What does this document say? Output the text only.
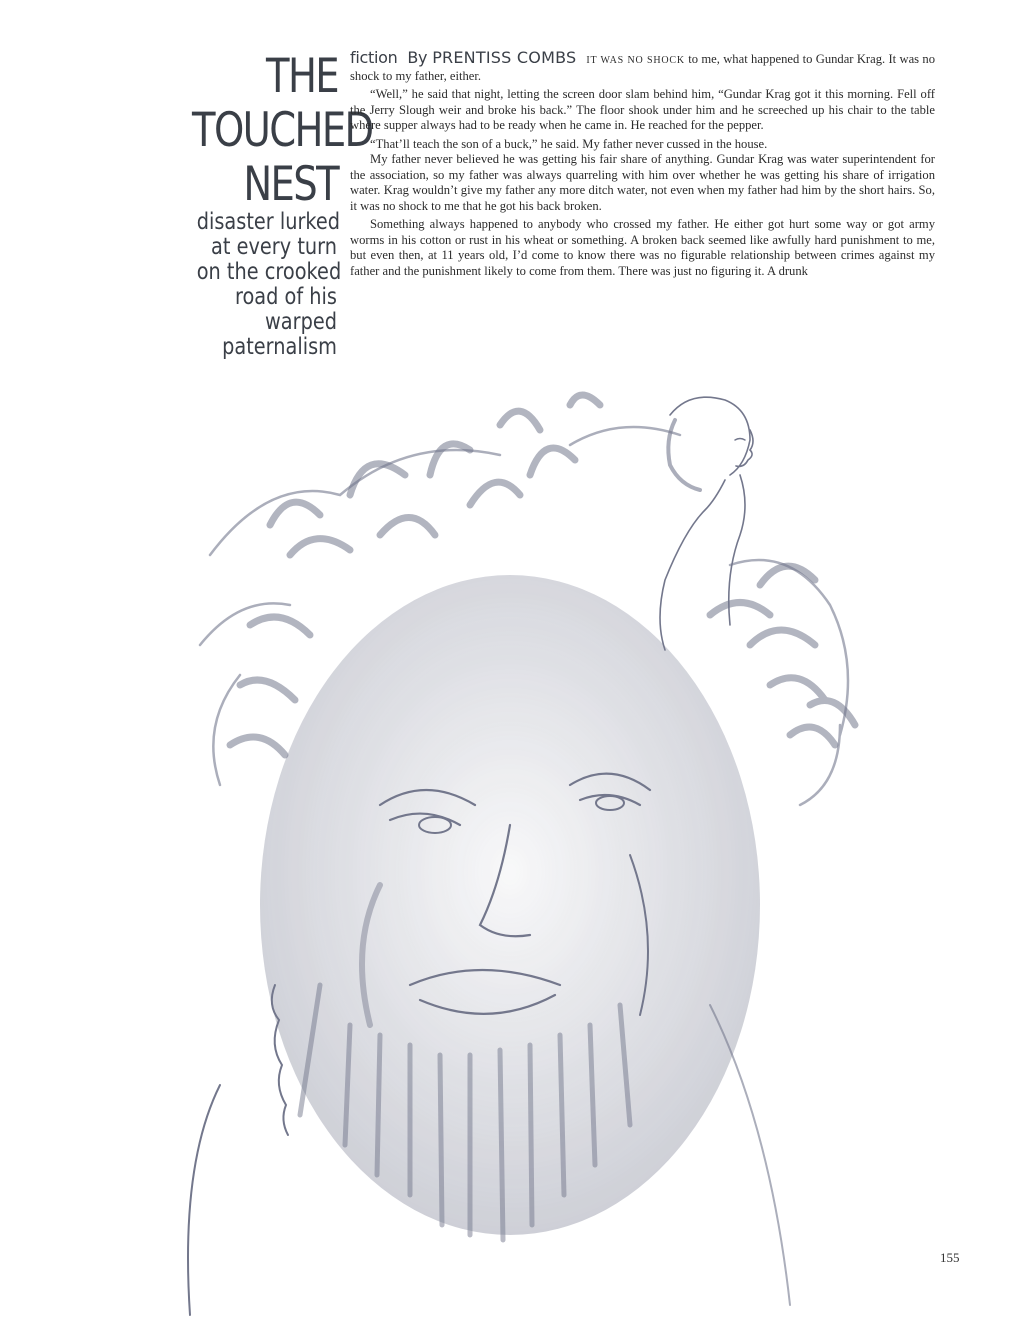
THE
TOUCHED
NEST
disaster lurked
at every turn
on the crooked
road of his
warped
paternalism

fiction By PRENTISS COMBS IT WAS NO SHOCK to me, what happened to Gundar Krag. It was no shock to my father, either.

“Well,” he said that night, letting the screen door slam behind him, “Gundar Krag got it this morning. Fell off the Jerry Slough weir and broke his back.” The floor shook under him and he screeched up his chair to the table where supper always had to be ready when he came in. He reached for the pepper.

“That’ll teach the son of a buck,” he said. My father never cussed in the house.

My father never believed he was getting his fair share of anything. Gundar Krag was water superintendent for the association, so my father was always quarreling with him over whether he was getting his share of irrigation water. Krag wouldn’t give my father any more ditch water, not even when my father had him by the short hairs. So, it was no shock to me that he got his back broken.

Something always happened to anybody who crossed my father. He either got hurt some way or got army worms in his cotton or rust in his wheat or something. A broken back seemed like awfully hard punishment to me, but even then, at 11 years old, I’d come to know there was no figurable relationship between crimes against my father and the punishment likely to come from them. There was just no figuring it. A drunk

155
